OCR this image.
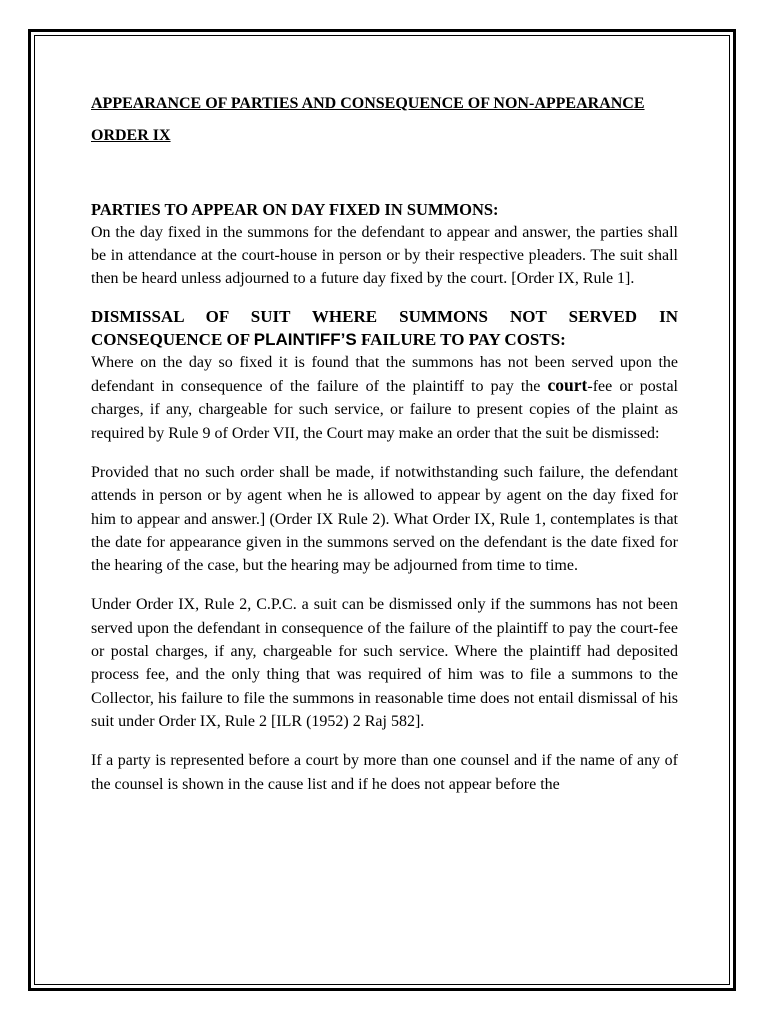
APPEARANCE OF PARTIES AND CONSEQUENCE OF NON-APPEARANCE

ORDER IX

PARTIES TO APPEAR ON DAY FIXED IN SUMMONS:

On the day fixed in the summons for the defendant to appear and answer, the parties shall be in attendance at the court-house in person or by their respective pleaders. The suit shall then be heard unless adjourned to a future day fixed by the court. [Order IX, Rule 1].

DISMISSAL OF SUIT WHERE SUMMONS NOT SERVED IN CONSEQUENCE OF PLAINTIFF’S FAILURE TO PAY COSTS:

Where on the day so fixed it is found that the summons has not been served upon the defendant in consequence of the failure of the plaintiff to pay the court-fee or postal charges, if any, chargeable for such service, or failure to present copies of the plaint as required by Rule 9 of Order VII, the Court may make an order that the suit be dismissed:

Provided that no such order shall be made, if notwithstanding such failure, the defendant attends in person or by agent when he is allowed to appear by agent on the day fixed for him to appear and answer.] (Order IX Rule 2). What Order IX, Rule 1, contemplates is that the date for appearance given in the summons served on the defendant is the date fixed for the hearing of the case, but the hearing may be adjourned from time to time.

Under Order IX, Rule 2, C.P.C. a suit can be dismissed only if the summons has not been served upon the defendant in consequence of the failure of the plaintiff to pay the court-fee or postal charges, if any, chargeable for such service. Where the plaintiff had deposited process fee, and the only thing that was required of him was to file a summons to the Collector, his failure to file the summons in reasonable time does not entail dismissal of his suit under Order IX, Rule 2 [ILR (1952) 2 Raj 582].

If a party is represented before a court by more than one counsel and if the name of any of the counsel is shown in the cause list and if he does not appear before the
